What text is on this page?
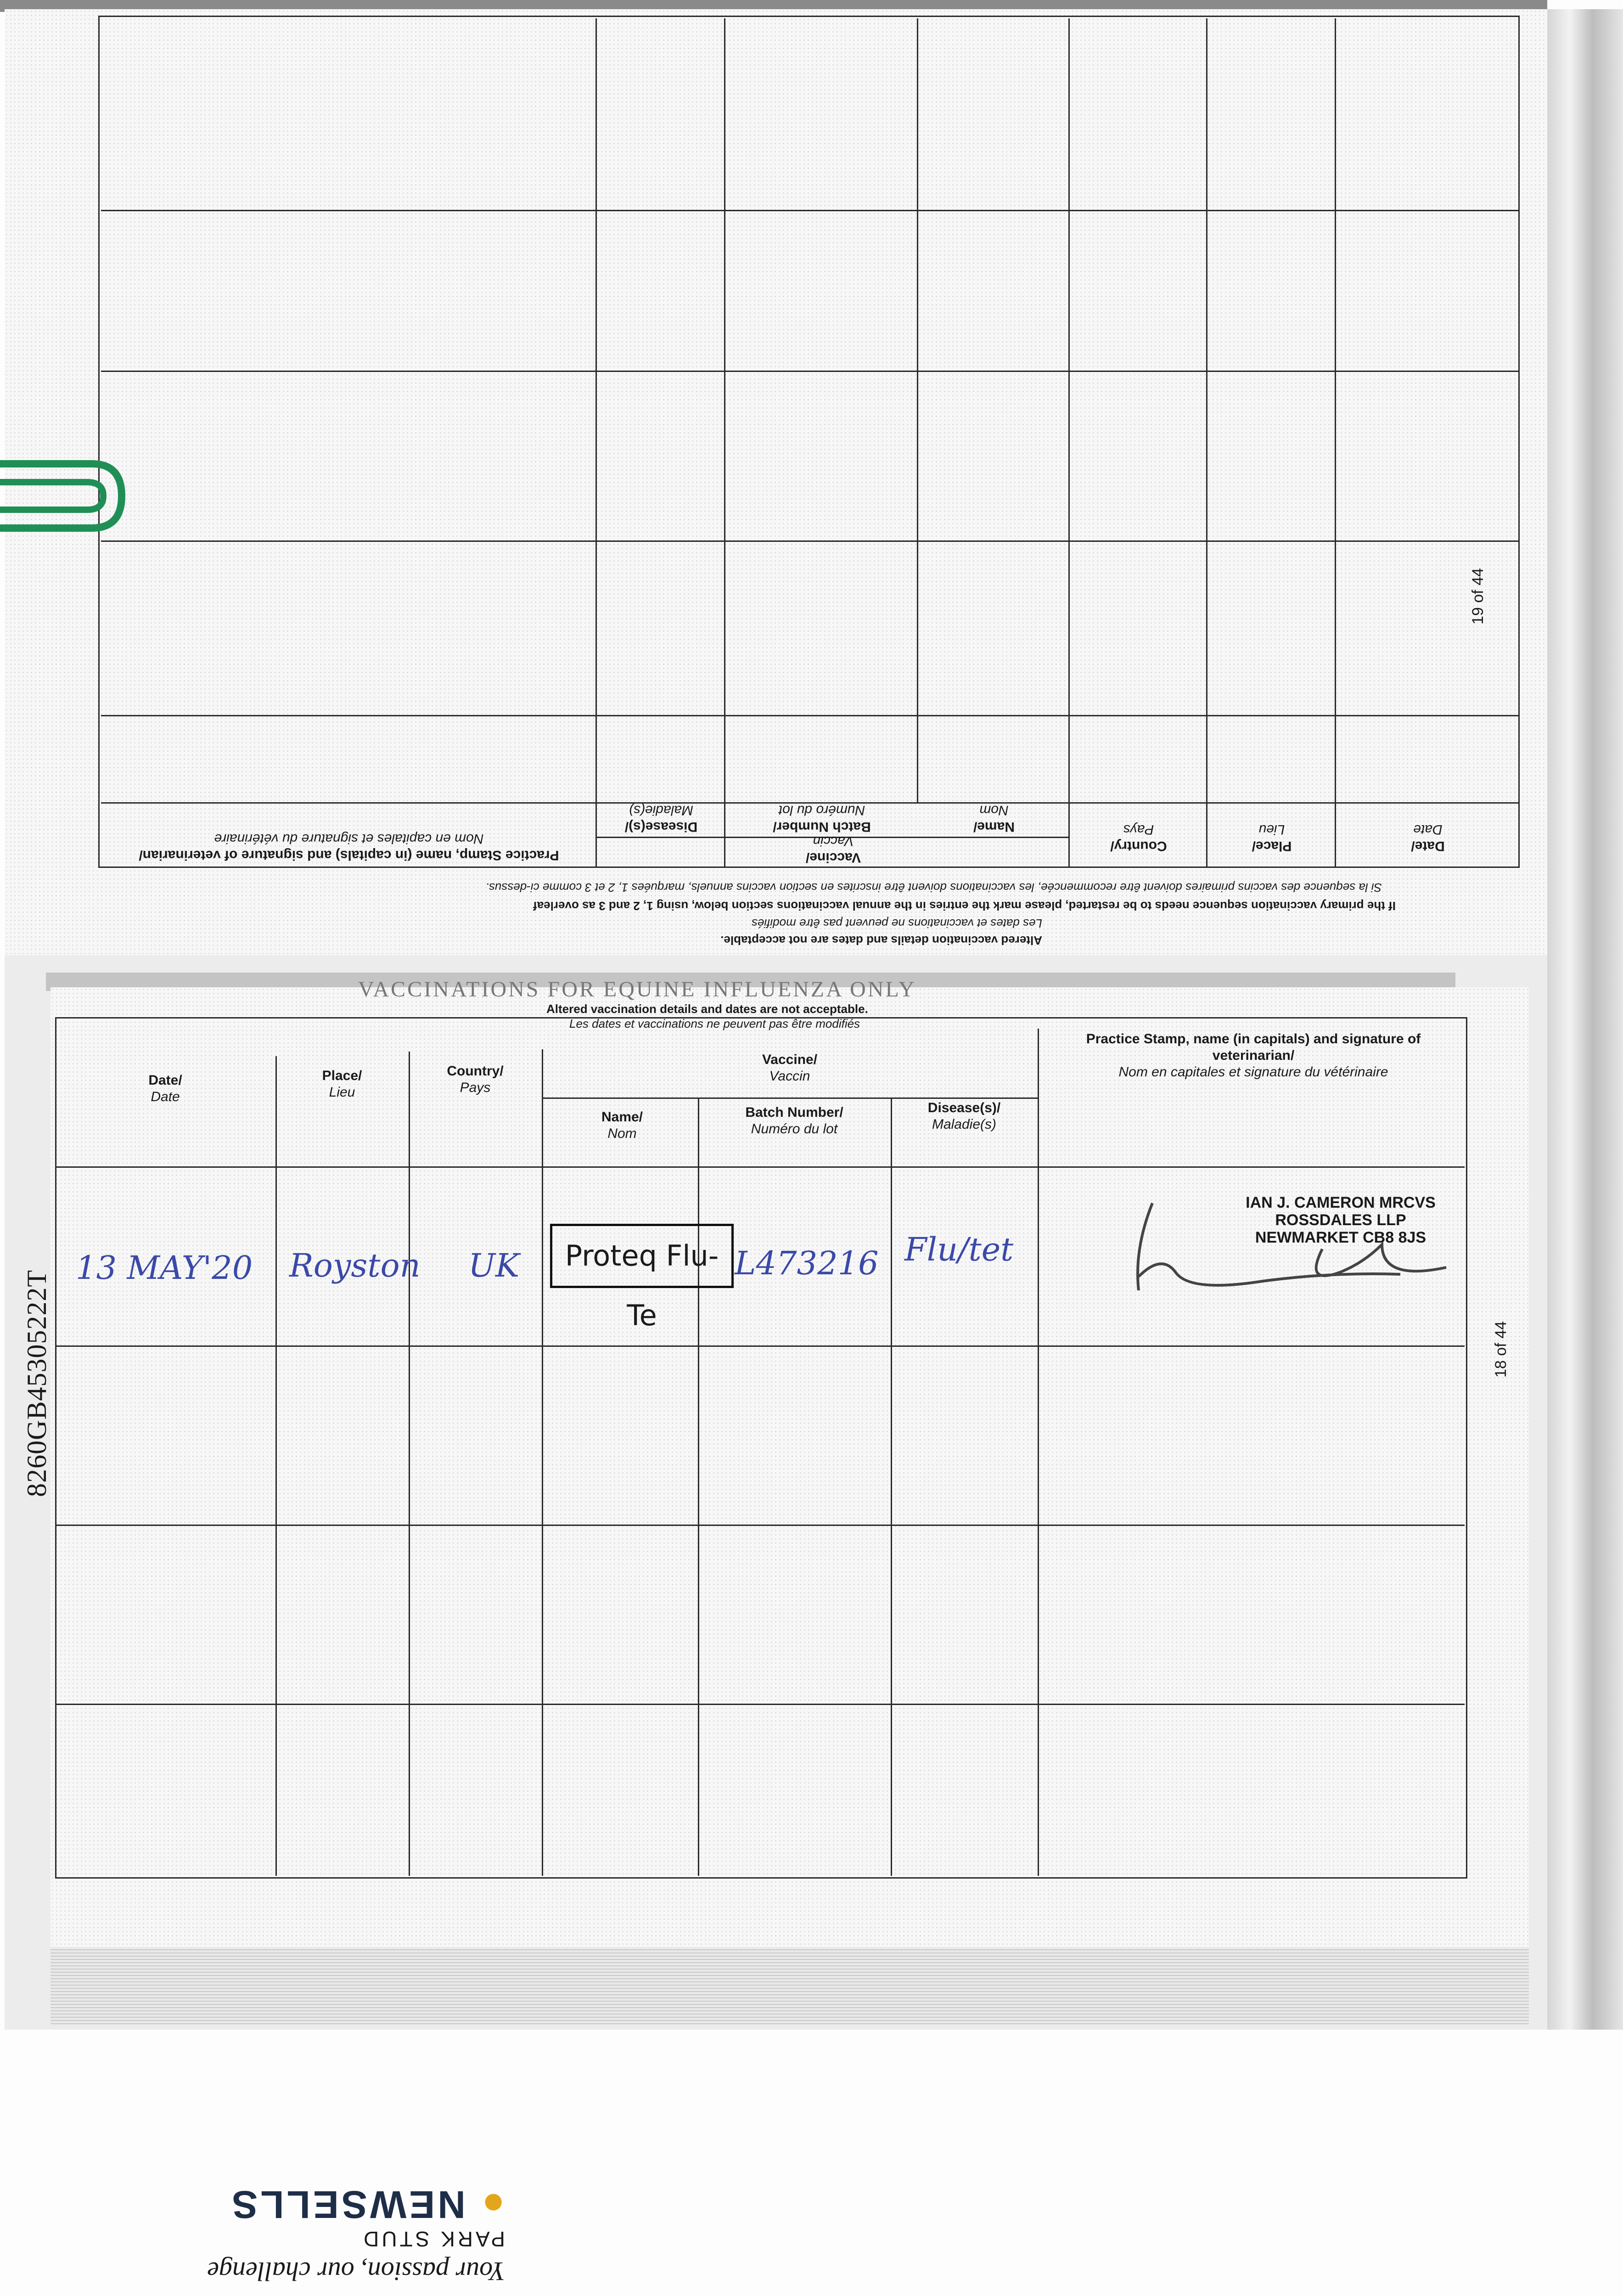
If the primary vaccination sequence needs to be restarted, please mark the entries in the annual vaccinations section below, using 1, 2 and 3 as overleaf
Si la sequence des vaccins primaires doivent être recommencée, les vaccinations doivent être inscrites en section vaccins annuels, marquées 1, 2 et 3 comme ci-dessus.
Altered vaccination details and dates are not acceptable.
Les dates et vaccinations ne peuvent pas être modifiés
Date/
Date
Place/
Lieu
Country/
Pays
Vaccine/
Vaccin
Name/
Nom
Batch Number/
Numéro du lot
Disease(s)/
Maladie(s)
Practice Stamp, name (in capitals) and signature of veterinarian/
Nom en capitales et signature du vétérinaire
19 of 44
Altered vaccination details and dates are not acceptable.
Les dates et vaccinations ne peuvent pas être modifiés
Date/
Date
Place/
Lieu
Country/
Pays
Vaccine/
Vaccin
Name/
Nom
Batch Number/
Numéro du lot
Disease(s)/
Maladie(s)
Practice Stamp, name (in capitals) and signature of veterinarian/
Nom en capitales et signature du vétérinaire
13 MAY'20 Royston UK	Proteq Flu-Te
L473216 Flu/tet
IAN J. CAMERON MRCVS
ROSSDALES LLP
NEWMARKET CB8 8JS
18 of 44
8260GB45305222T
Your passion, our challenge
PARK STUD
● NEWSELLS
